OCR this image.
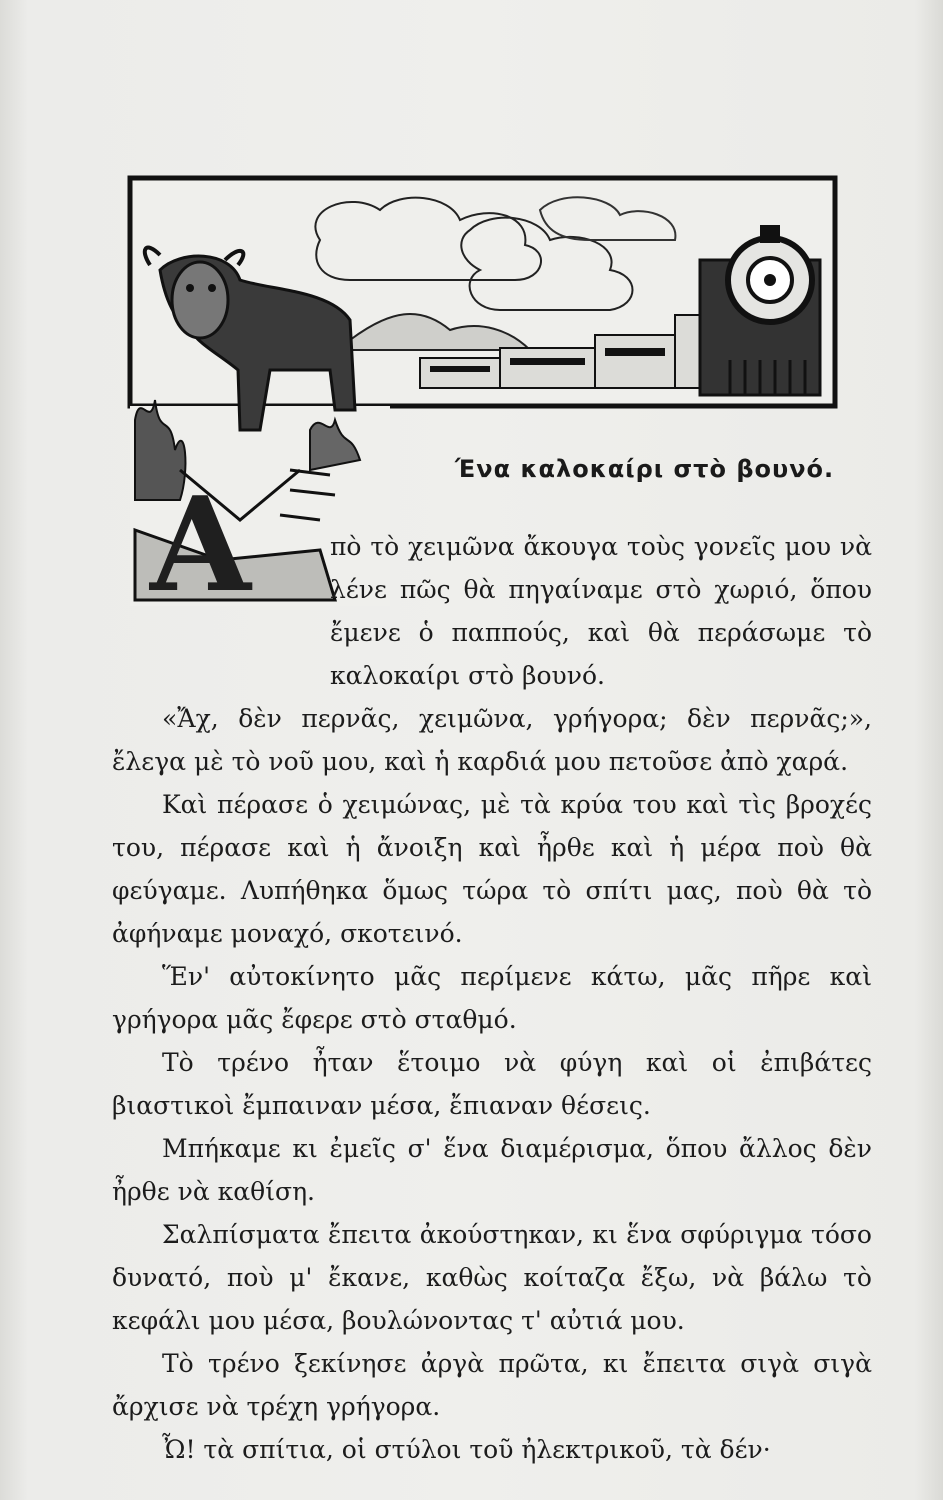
Ένα καλοκαίρι στὸ βουνό.
Α	πὸ τὸ χειμῶνα ἄκουγα τοὺς γονεῖς μου νὰ λένε πῶς θὰ πηγαίναμε στὸ χωριό, ὅπου ἔμενε ὁ παππούς, καὶ θὰ περάσωμε τὸ καλοκαίρι στὸ βουνό.

«Ἄχ, δὲν περνᾶς, χειμῶνα, γρήγορα; δὲν περνᾶς;», ἔλεγα μὲ τὸ νοῦ μου, καὶ ἡ καρδιά μου πετοῦσε ἀπὸ χαρά.

Καὶ πέρασε ὁ χειμώνας, μὲ τὰ κρύα του καὶ τὶς βροχές του, πέρασε καὶ ἡ ἄνοιξη καὶ ἦρθε καὶ ἡ μέρα ποὺ θὰ φεύγαμε. Λυπήθηκα ὅμως τώρα τὸ σπίτι μας, ποὺ θὰ τὸ ἀφήναμε μοναχό, σκοτεινό.

Ἕν' αὐτοκίνητο μᾶς περίμενε κάτω, μᾶς πῆρε καὶ γρήγορα μᾶς ἔφερε στὸ σταθμό.

Τὸ τρένο ἦταν ἕτοιμο νὰ φύγη καὶ οἱ ἐπιβάτες βιαστικοὶ ἔμπαιναν μέσα, ἔπιαναν θέσεις.

Μπήκαμε κι ἐμεῖς σ' ἕνα διαμέρισμα, ὅπου ἄλλος δὲν ἦρθε νὰ καθίση.

Σαλπίσματα ἔπειτα ἀκούστηκαν, κι ἕνα σφύριγμα τόσο δυνατό, ποὺ μ' ἔκανε, καθὼς κοίταζα ἔξω, νὰ βάλω τὸ κεφάλι μου μέσα, βουλώνοντας τ' αὐτιά μου.

Τὸ τρένο ξεκίνησε ἀργὰ πρῶτα, κι ἔπειτα σιγὰ σιγὰ ἄρχισε νὰ τρέχη γρήγορα.

Ὦ! τὰ σπίτια, οἱ στύλοι τοῦ ἠλεκτρικοῦ, τὰ δέν·
